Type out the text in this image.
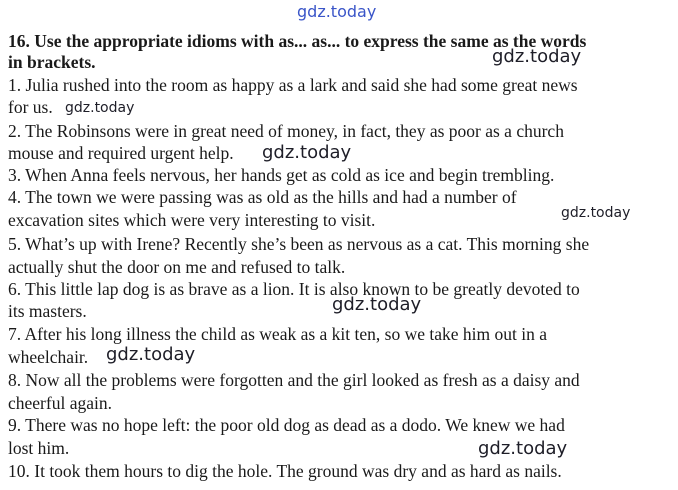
gdz.today
16. Use the appropriate idioms with as... as... to express the same as the words
in brackets.
1. Julia rushed into the room as happy as a lark and said she had some great news
for us.
2. The Robinsons were in great need of money, in fact, they as poor as a church
mouse and required urgent help.
3. When Anna feels nervous, her hands get as cold as ice and begin trembling.
4. The town we were passing was as old as the hills and had a number of
excavation sites which were very interesting to visit.
5. What’s up with Irene? Recently she’s been as nervous as a cat. This morning she
actually shut the door on me and refused to talk.
6. This little lap dog is as brave as a lion. It is also known to be greatly devoted to
its masters.
7. After his long illness the child as weak as a kit ten, so we take him out in a
wheelchair.
8. Now all the problems were forgotten and the girl looked as fresh as a daisy and
cheerful again.
9. There was no hope left: the poor old dog as dead as a dodo. We knew we had
lost him.
10. It took them hours to dig the hole. The ground was dry and as hard as nails.
gdz.today
gdz.today
gdz.today
gdz.today
gdz.today
gdz.today
gdz.today
